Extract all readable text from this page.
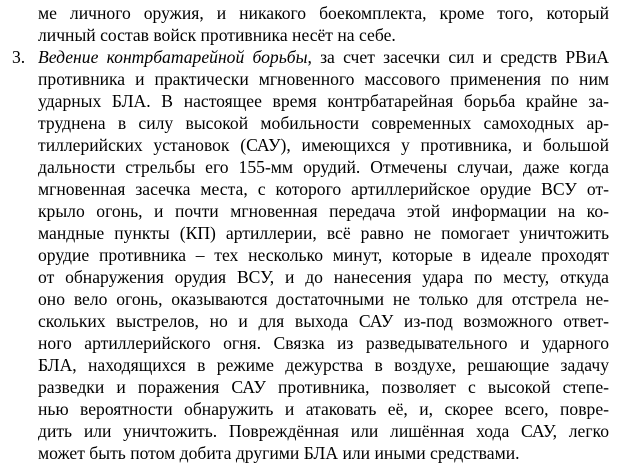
ме личного оружия, и никакого боекомплекта, кроме того, который
личный состав войск противника несёт на себе.
3. Ведение контрбатарейной борьбы, за счет засечки сил и средств РВиА
противника и практически мгновенного массового применения по ним
ударных БЛА. В настоящее время контрбатарейная борьба крайне за-
труднена в силу высокой мобильности современных самоходных ар-
тиллерийских установок (САУ), имеющихся у противника, и большой
дальности стрельбы его 155-мм орудий. Отмечены случаи, даже когда
мгновенная засечка места, с которого артиллерийское орудие ВСУ от-
крыло огонь, и почти мгновенная передача этой информации на ко-
мандные пункты (КП) артиллерии, всё равно не помогает уничтожить
орудие противника – тех несколько минут, которые в идеале проходят
от обнаружения орудия ВСУ, и до нанесения удара по месту, откуда
оно вело огонь, оказываются достаточными не только для отстрела не-
скольких выстрелов, но и для выхода САУ из-под возможного ответ-
ного артиллерийского огня. Связка из разведывательного и ударного
БЛА, находящихся в режиме дежурства в воздухе, решающие задачу
разведки и поражения САУ противника, позволяет с высокой степе-
нью вероятности обнаружить и атаковать её, и, скорее всего, повре-
дить или уничтожить. Повреждённая или лишённая хода САУ, легко
может быть потом добита другими БЛА или иными средствами.
